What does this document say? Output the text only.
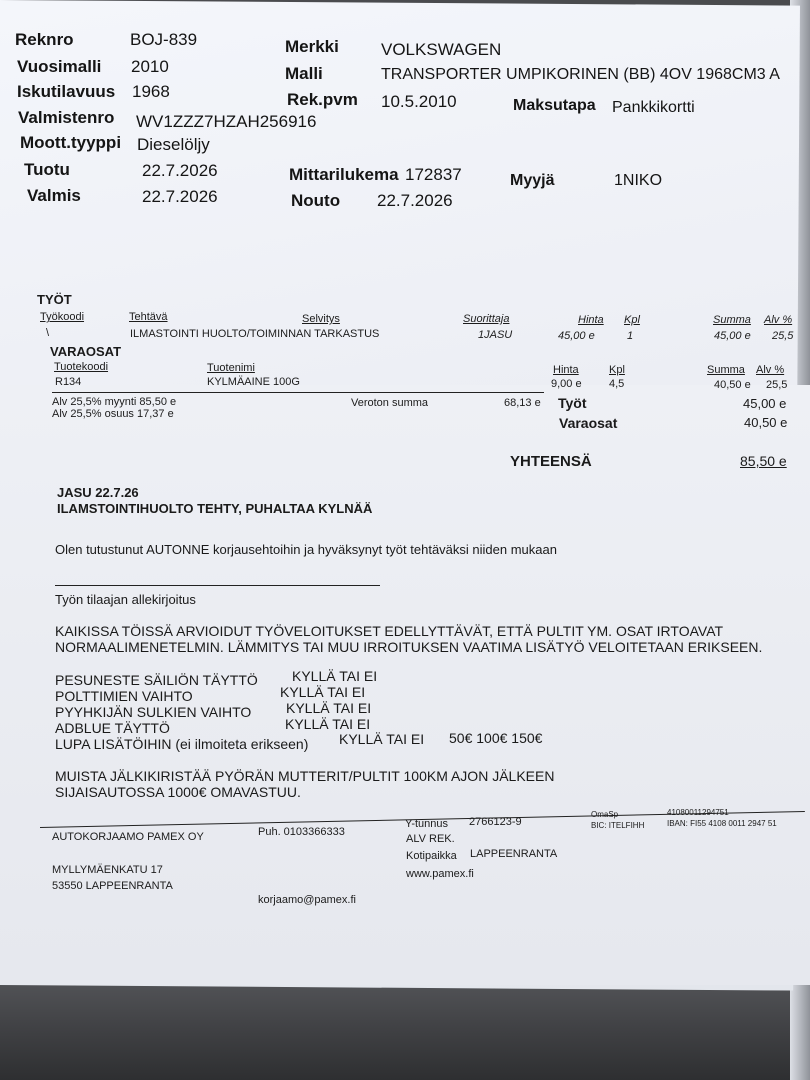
Reknro	BOJ-839
Vuosimalli 2010
Iskutilavuus 1968
Valmistenro WV1ZZZ7HZAH256916
Moott.tyyppi Dieselöljy
Tuotu	22.7.2026
Valmis	22.7.2026
Merkki VOLKSWAGEN
Malli	TRANSPORTER UMPIKORINEN (BB) 4OV 1968CM3 A
Rek.pvm 10.5.2010	Maksutapa Pankkikortti
Mittarilukema 172837	Myyjä	1NIKO
Nouto 22.7.2026
TYÖT
Työkoodi	Tehtävä	Selvitys	Suorittaja	Hinta Kpl	Summa Alv %
\	ILMASTOINTI HUOLTO/TOIMINNAN TARKASTUS	1JASU	45,00 e	1	45,00 e 25,5
VARAOSAT
Tuotekoodi	Tuotenimi	Hinta	Kpl	Summa Alv %
R134	KYLMÄAINE 100G	9,00 e 4,5	40,50 e 25,5
Alv 25,5% myynti 85,50 e
Alv 25,5% osuus 17,37 e
Veroton summa	68,13 e Työt	45,00 e
Varaosat	40,50 e
YHTEENSÄ	85,50 e
JASU 22.7.26
ILAMSTOINTIHUOLTO TEHTY, PUHALTAA KYLNÄÄ
Olen tutustunut AUTONNE korjausehtoihin ja hyväksynyt työt tehtäväksi niiden mukaan
Työn tilaajan allekirjoitus
KAIKISSA TÖISSÄ ARVIOIDUT TYÖVELOITUKSET EDELLYTTÄVÄT, ETTÄ PULTIT YM. OSAT IRTOAVAT
NORMAALIMENETELMIN. LÄMMITYS TAI MUU IRROITUKSEN VAATIMA LISÄTYÖ VELOITETAAN ERIKSEEN.
PESUNESTE SÄILIÖN TÄYTTÖ KYLLÄ TAI EI
POLTTIMIEN VAIHTO	KYLLÄ TAI EI
PYYHKIJÄN SULKIEN VAIHTO KYLLÄ TAI EI
ADBLUE TÄYTTÖ	KYLLÄ TAI EI
LUPA LISÄTÖIHIN (ei ilmoiteta erikseen) KYLLÄ TAI EI 50€ 100€ 150€
MUISTA JÄLKIKIRISTÄÄ PYÖRÄN MUTTERIT/PULTIT 100KM AJON JÄLKEEN
SIJAISAUTOSSA 1000€ OMAVASTUU.
AUTOKORJAAMO PAMEX OY	Puh. 0103366333
Y-tunnus 2766123-9
ALV REK.
Kotipaikka LAPPEENRANTA
www.pamex.fi
MYLLYMÄENKATU 17
53550 LAPPEENRANTA
korjaamo@pamex.fi
OmaSp	41080011294751
BIC: ITELFIHH	IBAN: FI55 4108 0011 2947 51
